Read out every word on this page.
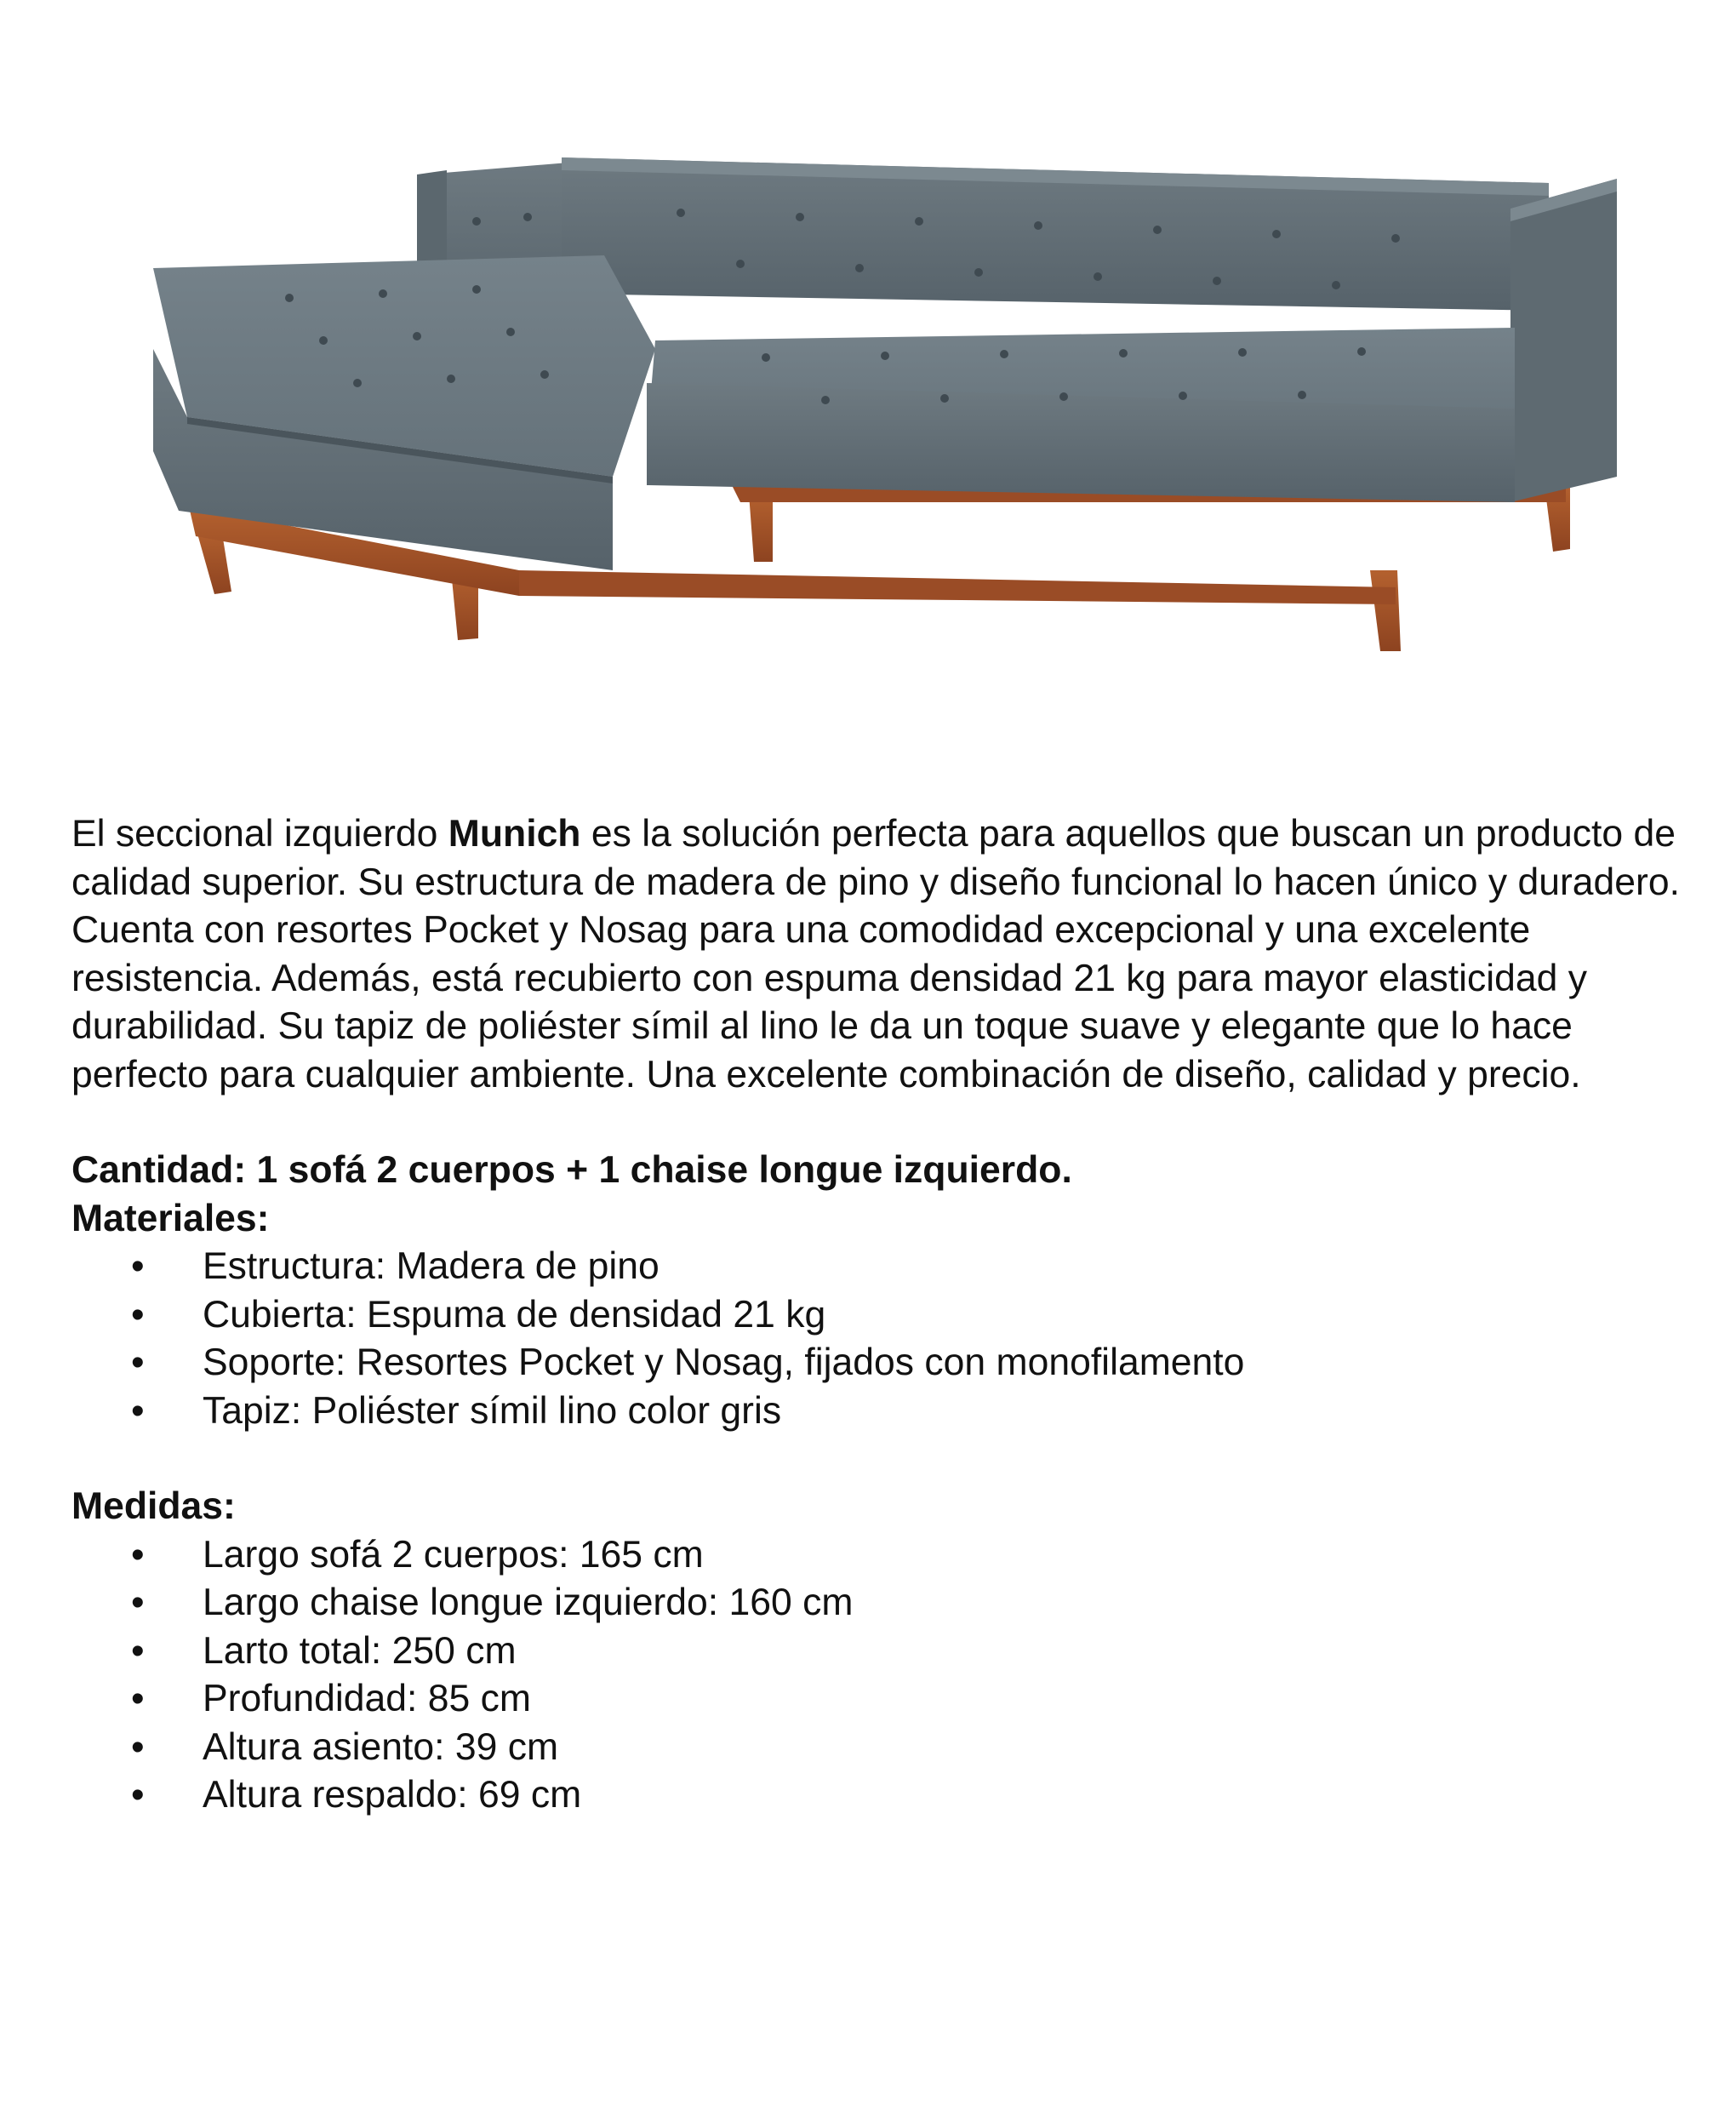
El seccional izquierdo Munich es la solución perfecta para aquellos que buscan un producto de calidad superior. Su estructura de madera de pino y diseño funcional lo hacen único y duradero. Cuenta con resortes Pocket y Nosag para una comodidad excepcional y una excelente resistencia. Además, está recubierto con espuma densidad 21 kg para mayor elasticidad y durabilidad. Su tapiz de poliéster símil al lino le da un toque suave y elegante que lo hace perfecto para cualquier ambiente. Una excelente combinación de diseño, calidad y precio.

Cantidad: 1 sofá 2 cuerpos + 1 chaise longue izquierdo.

Materiales:

• Estructura: Madera de pino
• Cubierta: Espuma de densidad 21 kg
• Soporte: Resortes Pocket y Nosag, fijados con monofilamento
• Tapiz: Poliéster símil lino color gris

Medidas:

• Largo sofá 2 cuerpos: 165 cm
• Largo chaise longue izquierdo: 160 cm
• Larto total: 250 cm
• Profundidad: 85 cm
• Altura asiento: 39 cm
• Altura respaldo: 69 cm
